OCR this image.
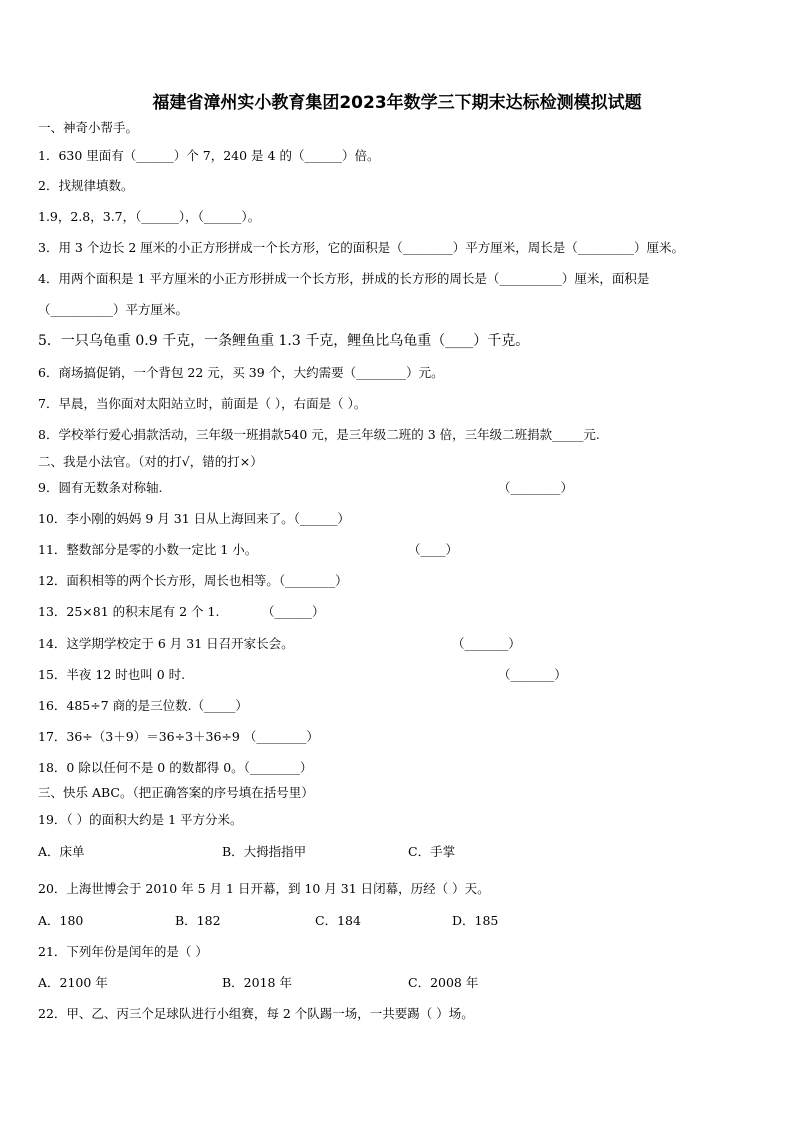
福建省漳州实小教育集团2023年数学三下期末达标检测模拟试题
一、神奇小帮手。
1．630 里面有（______）个 7，240 是 4 的（______）倍。
2．找规律填数。
1.9，2.8，3.7，（______），（______）。
3．用 3 个边长 2 厘米的小正方形拼成一个长方形，它的面积是（________）平方厘米，周长是（_________）厘米。
4．用两个面积是 1 平方厘米的小正方形拼成一个长方形，拼成的长方形的周长是（__________）厘米，面积是
（__________）平方厘米。
5．一只乌龟重 0.9 千克，一条鲤鱼重 1.3 千克，鲤鱼比乌龟重（____）千克。
6．商场搞促销，一个背包 22 元，买 39 个，大约需要（________）元。
7．早晨，当你面对太阳站立时，前面是（ ），右面是（ ）。
8．学校举行爱心捐款活动，三年级一班捐款540 元，是三年级二班的 3 倍，三年级二班捐款_____元.
二、我是小法官。（对的打√，错的打×）
9．圆有无数条对称轴.	（________）
10．李小刚的妈妈 9 月 31 日从上海回来了。（______）
11．整数部分是零的小数一定比 1 小。	（____）
12．面积相等的两个长方形，周长也相等。（________）
13．25×81 的积末尾有 2 个 1.	（______）
14．这学期学校定于 6 月 31 日召开家长会。	（_______）
15．半夜 12 时也叫 0 时.	（_______）
16．485÷7 商的是三位数.（_____）
17．36÷（3＋9）＝36÷3＋36÷9 （________）
18．0 除以任何不是 0 的数都得 0。（________）
三、快乐 ABC。（把正确答案的序号填在括号里）
19．（ ）的面积大约是 1 平方分米。
A．床单	B．大拇指指甲	C．手掌
20．上海世博会于 2010 年 5 月 1 日开幕，到 10 月 31 日闭幕，历经（ ）天。
A．180	B．182	C．184	D．185
21．下列年份是闰年的是（ ）
A．2100 年	B．2018 年	C．2008 年
22．甲、乙、丙三个足球队进行小组赛，每 2 个队踢一场，一共要踢（ ）场。
